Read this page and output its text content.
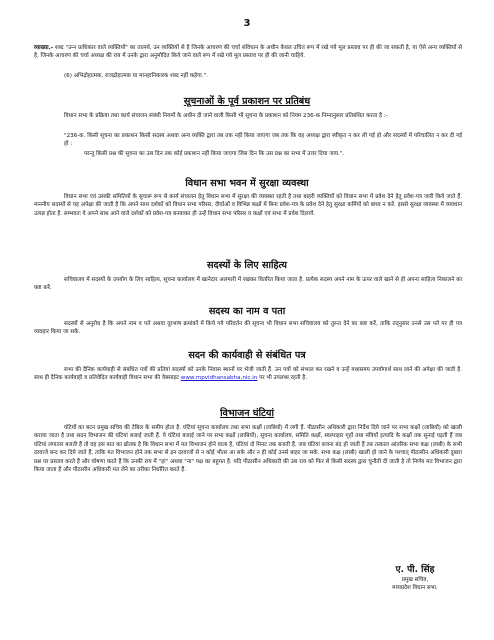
3

व्याख्या.- शब्द "उन्‍न प्राधिकार वाले व्यक्तियों" का तात्पर्य, उन व्यक्तियों से है जिनके आचरण की चर्चा संविधान के अधीन केवल उचित रूप में रखे गये मूल प्रस्ताव पर ही की जा सकती है, या ऐसे अन्य व्यक्तियों से है, जिनके आचरण की चर्चा अध्यक्ष की राय में उनके द्वारा अनुमोदित किये जाने वाले रूप में रखे गये मूल प्रस्ताव पर ही की जानी चाहिये.

(6) अभिद्रोहात्मक, राजद्रोहात्मक या मानहानिकारक शब्द नहीं कहेगा.".

सूचनाओं के पूर्व प्रकाशन पर प्रतिबंध

विधान सभा के प्रक्रिया तथा कार्य संचालन संबंधी नियमों के अधीन दी जाने वाली किसी भी सूचना के प्रकाशन को नियम 236-क निम्नानुसार प्रतिबंधित करता है :-

"236-क. किसी सूचना का प्रकाशन किसी सदस्य अथवा अन्य व्यक्ति द्वारा तब तक नहीं किया जाएगा जब तक कि वह अध्यक्ष द्वारा स्वीकृत न कर ली गई हो और सदस्यों में परिचालित न कर दी गई हो :

परन्तु किसी प्रश्न की सूचना का उस दिन तक कोई प्रकाशन नहीं किया जाएगा जिस दिन कि उस प्रश्न का सभा में उत्तर दिया जाय.".

विधान सभा भवन में सुरक्षा व्यवस्था

विधान सभा एवं उसकी समितियों के सुचारू रूप से कार्य संचालन हेतु विधान सभा में सुरक्षा की व्यवस्था रहती है तथा बाहरी व्यक्तियों को विधान सभा में प्रवेश देने हेतु प्रवेश-पत्र जारी किये जाते हैं. माननीय सदस्यों से यह अपेक्षा की जाती है कि अपने साथ दर्शकों को विधान सभा परिसर, दीर्घाओं व विभिन्न कक्षों में बिना प्रवेश-पत्र के प्रवेश देने हेतु सुरक्षा कर्मियों को बाध्य न करें. इससे सुरक्षा व्यवस्था में व्यवधान उत्पन्न होता है. सम्भवतः वे अपने साथ आने वाले दर्शकों को प्रवेश-पत्र बनवाकर ही उन्हें विधान सभा परिसर व कक्षों एवं सभा में प्रवेश दिलायें.

सदस्यों के लिए साहित्य

सचिवालय में सदस्यों के उपयोग के लिए साहित्य, सूचना कार्यालय में खानेदार अलमारी में रखकर वितरित किया जाता है. प्रत्येक सदस्य अपने नाम के ऊपर वाले खाने से ही अपना साहित्य निकालने का कष्ट करें.

सदस्य का नाम व पता

सदस्यों से अनुरोध है कि अपने नाम व पते अथवा दूरभाष क्रमांकों में किये गये परिवर्तन की सूचना भी विधान सभा सचिवालय को तुरन्त देने का कष्ट करें, ताकि तद्नुसार उनसे उस पते पर ही पत्र व्यवहार किया जा सके.

सदन की कार्यवाही से संबंधित पत्र

सभा की दैनिक कार्यवाही से संबंधित पत्रों की प्रतियां सदस्यों को उनके निवास स्थानों पर भेजी जाती हैं. उन पत्रों को संभाल कर रखने व उन्हें यथासमय उपयोगार्थ साथ लाने की अपेक्षा की जाती है. साथ ही दैनिक कार्यवाही व प्रतिवेदित कार्यवाही विधान सभा की वेबसाइट www.mpvidhansabha.nic.in पर भी उपलब्ध रहती है.

विभाजन घंटियां

घंटियों का बटन प्रमुख सचिव की टेबिल के समीप होता है. घंटियां सूचना कार्यालय तथा सभा कक्षों (लाबियों) में लगी हैं. पीठासीन अधिकारी द्वारा निर्देश दिये जाने पर सभा कक्षों (लाबियों) को खाली कराया जाता है तथा सदन विभाजन की घंटियां बजाई जाती हैं. ये घंटियां बजाई जाने पर सभा कक्षों (लाबियों), सूचना कार्यालय, समिति कक्षों, स्वल्पाहार गृहों तथा मंत्रियों इत्यादि के कक्षों तक सुनाई पड़ती हैं जब घंटियां लगातार बजती हैं तो वह इस बात का द्योतक है कि विधान सभा में मत विभाजन होने वाला है, घंटियां दो मिनट तक बजती हैं. जब घंटियां बजना बंद हो जाती हैं तब तत्काल आंतरिक सभा कक्ष (लाबी) के सभी दरवाजे बन्द कर दिये जाते हैं, ताकि मत विभाजन होने तक सभा से इन दरवाजों से न कोई भीतर आ सके और न ही कोई उनसे बाहर जा सके. सभा कक्ष (लाबी) खाली हो जाने के पश्चात् पीठासीन अधिकारी दुबारा प्रश्न पर प्रस्ताव करते हैं और घोषणा करते हैं कि उनकी राय में "हां" अथवा "ना" पक्ष का बहुमत है. यदि पीठासीन अधिकारी की उस राय को फिर से किसी सदस्य द्वारा चुनौती दी जाती है तो निर्णय मत विभाजन द्वारा किया जाता है और पीठासीन अधिकारी मत लेने का तरीका निर्धारित करते हैं.

ए. पी. सिंह
प्रमुख सचिव,
मध्यप्रदेश विधान सभा.
